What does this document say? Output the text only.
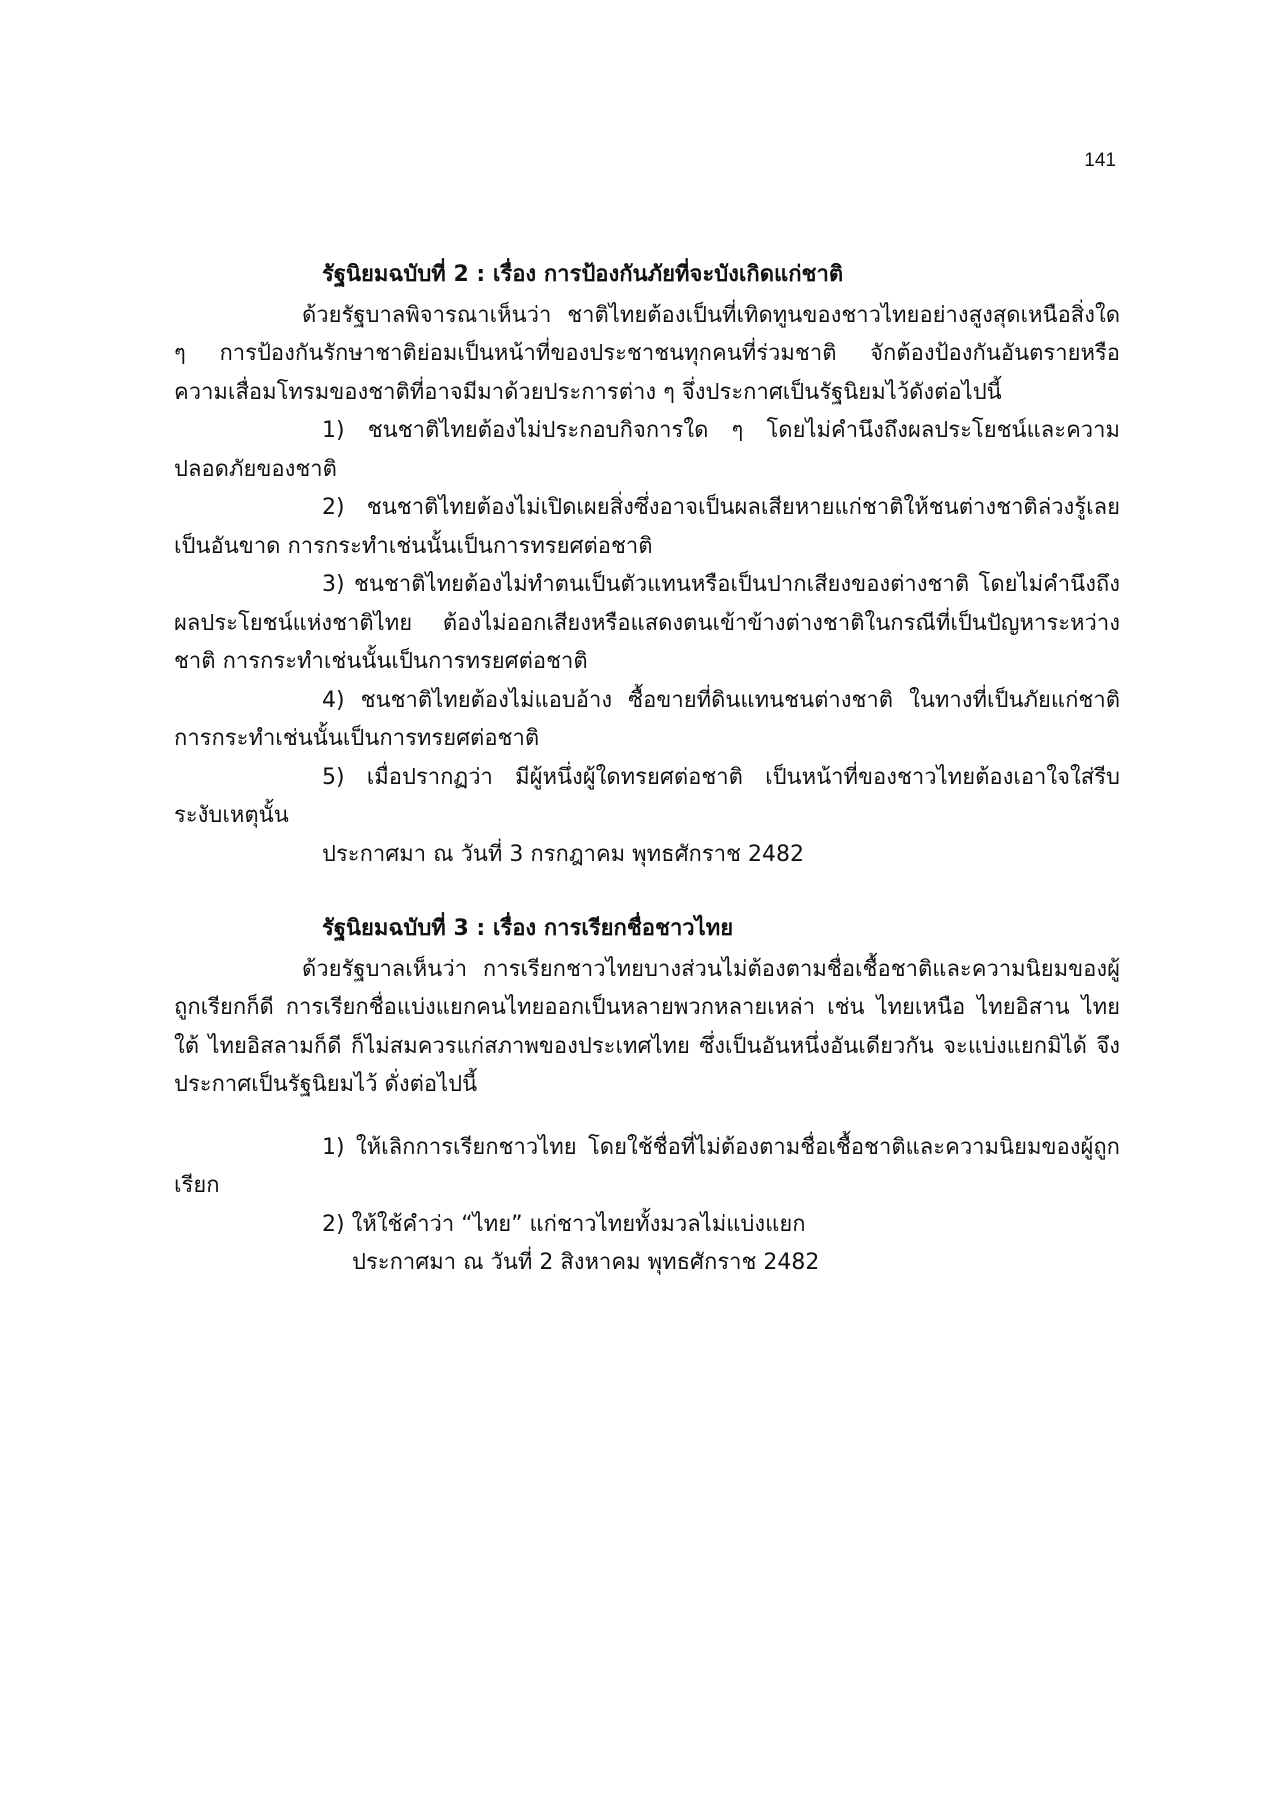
141
รัฐนิยมฉบับที่ 2 : เรื่อง การป้องกันภัยที่จะบังเกิดแก่ชาติ

ด้วยรัฐบาลพิจารณาเห็นว่า ชาติไทยต้องเป็นที่เทิดทูนของชาวไทยอย่างสูงสุดเหนือสิ่งใด ๆ การป้องกันรักษาชาติย่อมเป็นหน้าที่ของประชาชนทุกคนที่ร่วมชาติ จักต้องป้องกันอันตรายหรือความเสื่อมโทรมของชาติที่อาจมีมาด้วยประการต่าง ๆ จึ่งประกาศเป็นรัฐนิยมไว้ดังต่อไปนี้

1) ชนชาติไทยต้องไม่ประกอบกิจการใด ๆ โดยไม่คำนึงถึงผลประโยชน์และความปลอดภัยของชาติ

2) ชนชาติไทยต้องไม่เปิดเผยสิ่งซึ่งอาจเป็นผลเสียหายแก่ชาติให้ชนต่างชาติล่วงรู้เลยเป็นอันขาด การกระทำเช่นนั้นเป็นการทรยศต่อชาติ

3) ชนชาติไทยต้องไม่ทำตนเป็นตัวแทนหรือเป็นปากเสียงของต่างชาติ โดยไม่คำนึงถึงผลประโยชน์แห่งชาติไทย ต้องไม่ออกเสียงหรือแสดงตนเข้าข้างต่างชาติในกรณีที่เป็นปัญหาระหว่างชาติ การกระทำเช่นนั้นเป็นการทรยศต่อชาติ

4) ชนชาติไทยต้องไม่แอบอ้าง ซื้อขายที่ดินแทนชนต่างชาติ ในทางที่เป็นภัยแก่ชาติ การกระทำเช่นนั้นเป็นการทรยศต่อชาติ

5) เมื่อปรากฏว่า มีผู้หนึ่งผู้ใดทรยศต่อชาติ เป็นหน้าที่ของชาวไทยต้องเอาใจใส่รีบระงับเหตุนั้น

ประกาศมา ณ วันที่ 3 กรกฎาคม พุทธศักราช 2482

รัฐนิยมฉบับที่ 3 : เรื่อง การเรียกชื่อชาวไทย

ด้วยรัฐบาลเห็นว่า การเรียกชาวไทยบางส่วนไม่ต้องตามชื่อเชื้อชาติและความนิยมของผู้ถูกเรียกก็ดี การเรียกชื่อแบ่งแยกคนไทยออกเป็นหลายพวกหลายเหล่า เช่น ไทยเหนือ ไทยอิสาน ไทยใต้ ไทยอิสลามก็ดี ก็ไม่สมควรแก่สภาพของประเทศไทย ซึ่งเป็นอันหนึ่งอันเดียวกัน จะแบ่งแยกมิได้ จึงประกาศเป็นรัฐนิยมไว้ ดั่งต่อไปนี้

1) ให้เลิกการเรียกชาวไทย โดยใช้ชื่อที่ไม่ต้องตามชื่อเชื้อชาติและความนิยมของผู้ถูกเรียก

2) ให้ใช้คำว่า “ไทย” แก่ชาวไทยทั้งมวลไม่แบ่งแยก

ประกาศมา ณ วันที่ 2 สิงหาคม พุทธศักราช 2482
